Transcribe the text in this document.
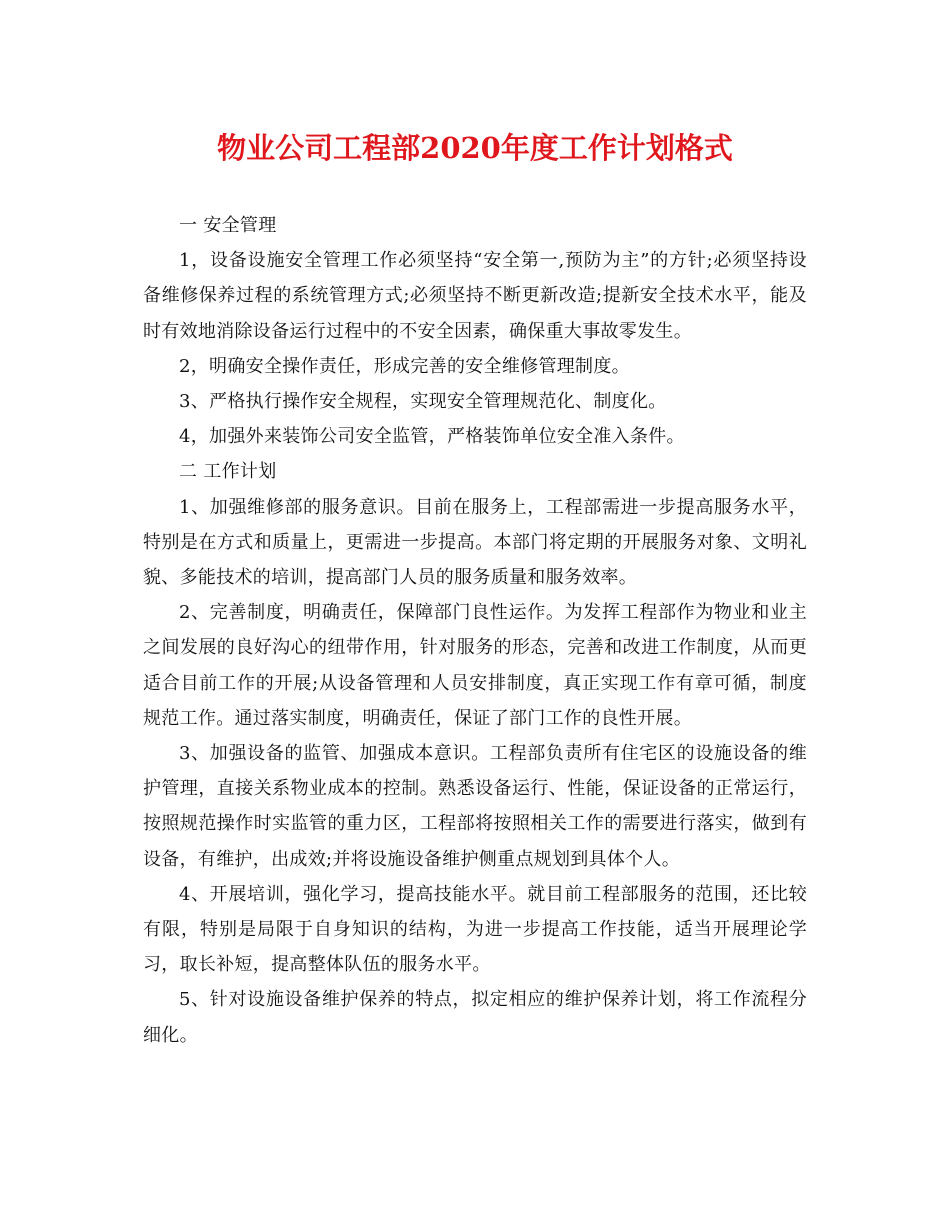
物业公司工程部2020年度工作计划格式

一 安全管理

1，设备设施安全管理工作必须坚持“安全第一,预防为主”的方针;必须坚持设备维修保养过程的系统管理方式;必须坚持不断更新改造;提新安全技术水平，能及时有效地消除设备运行过程中的不安全因素，确保重大事故零发生。

2，明确安全操作责任，形成完善的安全维修管理制度。

3、严格执行操作安全规程，实现安全管理规范化、制度化。

4，加强外来装饰公司安全监管，严格装饰单位安全准入条件。

二 工作计划

1、加强维修部的服务意识。目前在服务上，工程部需进一步提高服务水平，特别是在方式和质量上，更需进一步提高。本部门将定期的开展服务对象、文明礼貌、多能技术的培训，提高部门人员的服务质量和服务效率。

2、完善制度，明确责任，保障部门良性运作。为发挥工程部作为物业和业主之间发展的良好沟心的纽带作用，针对服务的形态，完善和改进工作制度，从而更适合目前工作的开展;从设备管理和人员安排制度，真正实现工作有章可循，制度规范工作。通过落实制度，明确责任，保证了部门工作的良性开展。

3、加强设备的监管、加强成本意识。工程部负责所有住宅区的设施设备的维护管理，直接关系物业成本的控制。熟悉设备运行、性能，保证设备的正常运行，按照规范操作时实监管的重力区，工程部将按照相关工作的需要进行落实，做到有设备，有维护，出成效;并将设施设备维护侧重点规划到具体个人。

4、开展培训，强化学习，提高技能水平。就目前工程部服务的范围，还比较有限，特别是局限于自身知识的结构，为进一步提高工作技能，适当开展理论学习，取长补短，提高整体队伍的服务水平。

5、针对设施设备维护保养的特点，拟定相应的维护保养计划，将工作流程分细化。
